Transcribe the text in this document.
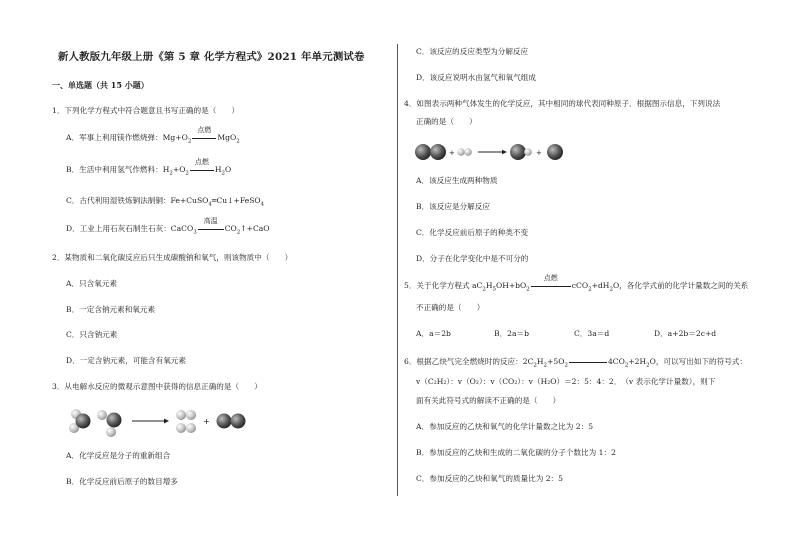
新人教版九年级上册《第 5 章 化学方程式》2021 年单元测试卷
一、单选题（共 15 小题）
1．下列化学方程式中符合题意且书写正确的是（　　）
A．军事上利用镁作燃烧弹：$Mg+O_2$
点燃
MgO$_2$
B．生活中利用氢气作燃料：$H_2+O_2$
点燃
$H_2O$
C．古代利用湿铁炼铜法制铜：Fe+CuSO$_4$═Cu↓+FeSO$_4$
D．工业上用石灰石制生石灰：CaCO$_3$
高温
$CO_2↑+CaO$
2．某物质和二氧化碳反应后只生成碳酸钠和氧气，则该物质中（　　）
A．只含氧元素
B．一定含钠元素和氧元素
C．只含钠元素
D．一定含钠元素，可能含有氧元素
3．从电解水反应的微观示意图中获得的信息正确的是（　　）
+
A．化学反应是分子的重新组合
B．化学反应前后原子的数目增多
C．该反应的反应类型为分解反应
D．该反应说明水由氢气和氧气组成
4．如图表示两种气体发生的化学反应，其中相同的球代表同种原子．根据图示信息，下列说法
正确的是（　　）
+	+
A．该反应生成两种物质
B．该反应是分解反应
C．化学反应前后原子的种类不变
D．分子在化学变化中是不可分的
5．关于化学方程式 $aC_2H_5OH+bO_2$
点燃
$cCO_2+dH_2O$，各化学式前的化学计量数之间的关系
不正确的是（　　）
A．a＝2b	B．2a＝b	C．3a＝d	D．a+2b＝2c+d
6．根据乙炔气完全燃烧时的反应：$2C_2H_2+5O_2$	$4CO_2+2H_2O$，可以写出如下的符号式：
v（C₂H₂）：v（O₂）：v（CO₂）：v（H₂O）＝2：5：4：2．　（v 表示化学计量数），则下
面有关此符号式的解读不正确的是（　　）
A．参加反应的乙炔和氧气的化学计量数之比为 2：5
B．参加反应的乙炔和生成的二氧化碳的分子个数比为 1：2
C．参加反应的乙炔和氧气的质量比为 2：5
